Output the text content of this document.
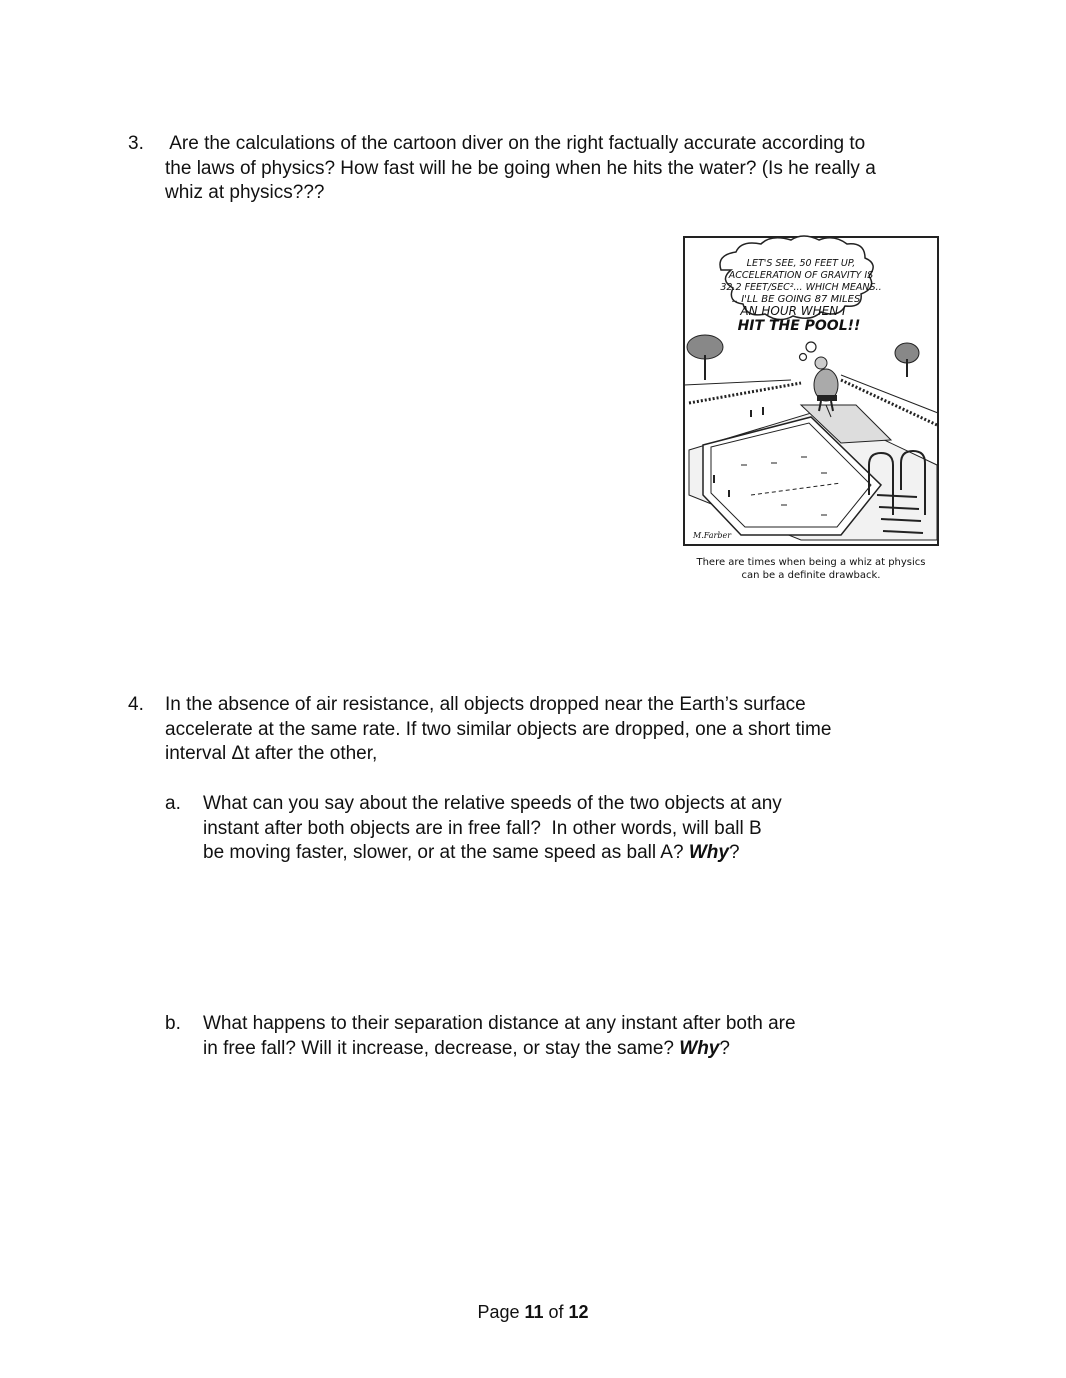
3. Are the calculations of the cartoon diver on the right factually accurate according to
the laws of physics? How fast will he be going when he hits the water? (Is he really a
whiz at physics???
LET'S SEE, 50 FEET UP,
ACCELERATION OF GRAVITY IS
32.2 FEET/SEC²... WHICH MEANS..
.. I'LL BE GOING 87 MILES
AN HOUR WHEN I
HIT THE POOL!!
M.Farber
There are times when being a whiz at physics
can be a definite drawback.
4. In the absence of air resistance, all objects dropped near the Earth’s surface
accelerate at the same rate. If two similar objects are dropped, one a short time
interval Δt after the other,
a. What can you say about the relative speeds of the two objects at any
instant after both objects are in free fall?  In other words, will ball B
be moving faster, slower, or at the same speed as ball A? Why?
b. What happens to their separation distance at any instant after both are
in free fall? Will it increase, decrease, or stay the same? Why?
Page 11 of 12
